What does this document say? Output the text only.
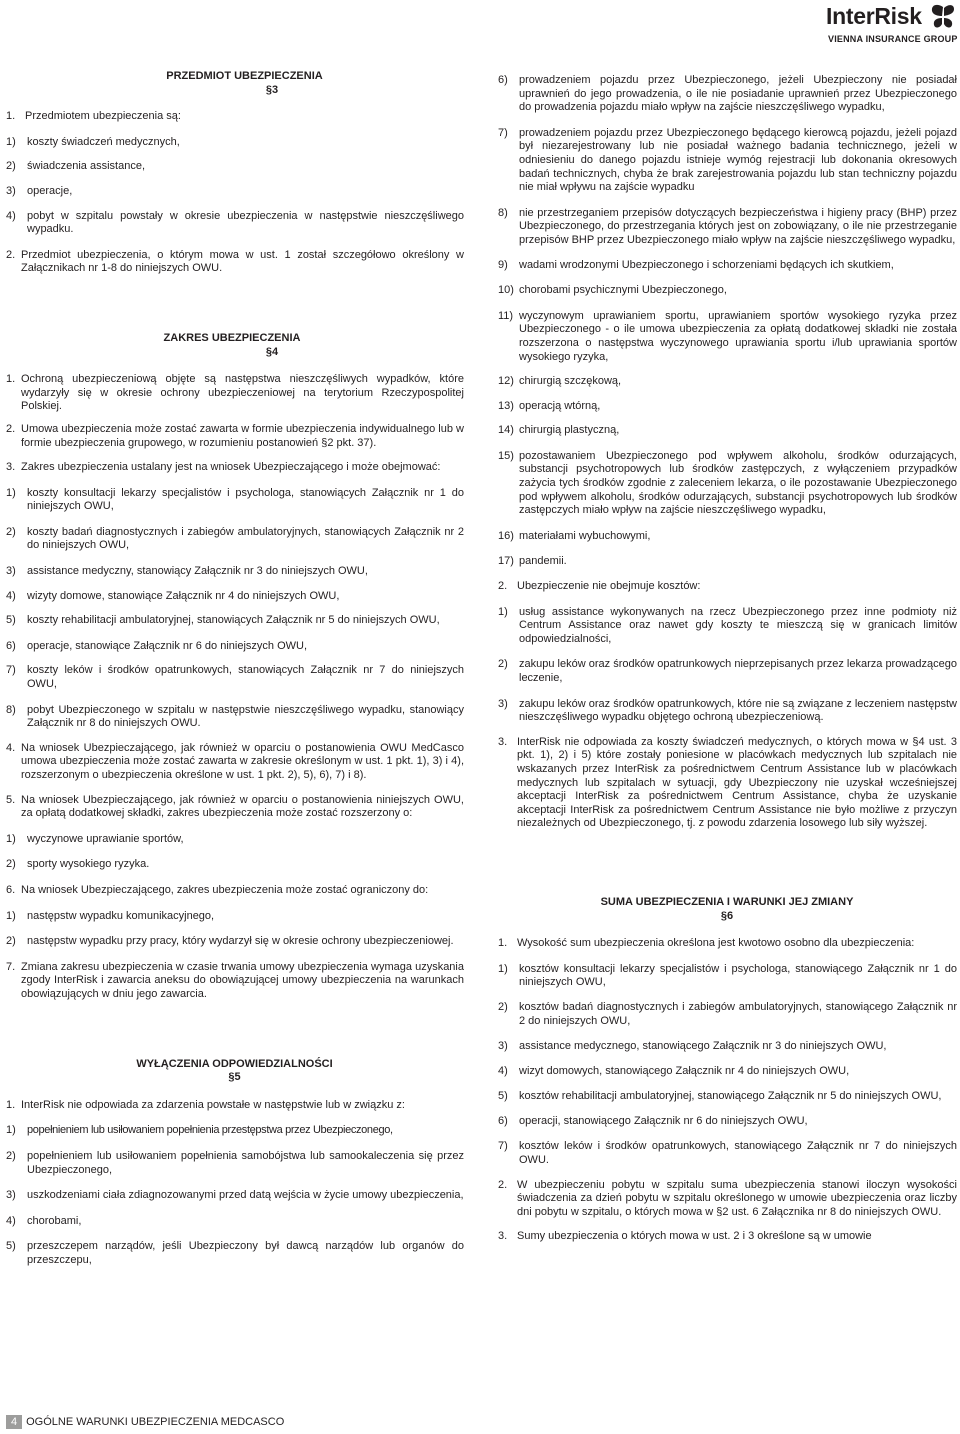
InterRisk
VIENNA INSURANCE GROUP
PRZEDMIOT UBEZPIECZENIA
§3
1. Przedmiotem ubezpieczenia są:
1)	koszty świadczeń medycznych,
2)	świadczenia assistance,
3)	operacje,
4)	pobyt w szpitalu powstały w okresie ubezpieczenia w następstwie nieszczęśliwego wypadku.
2. Przedmiot ubezpieczenia, o którym mowa w ust. 1 został szczegółowo określony w Załącznikach nr 1-8 do niniejszych OWU.
ZAKRES UBEZPIECZENIA
§4
1. Ochroną ubezpieczeniową objęte są następstwa nieszczęśliwych wypadków, które wydarzyły się w okresie ochrony ubezpieczeniowej na terytorium Rzeczypospolitej Polskiej.
2. Umowa ubezpieczenia może zostać zawarta w formie ubezpieczenia indywidualnego lub w formie ubezpieczenia grupowego, w rozumieniu postanowień §2 pkt. 37).
3. Zakres ubezpieczenia ustalany jest na wniosek Ubezpieczającego i może obejmować:
1)	koszty konsultacji lekarzy specjalistów i psychologa, stanowiących Załącznik nr 1 do niniejszych OWU,
2)	koszty badań diagnostycznych i zabiegów ambulatoryjnych, stanowiących Załącznik nr 2 do niniejszych OWU,
3)	assistance medyczny, stanowiący Załącznik nr 3 do niniejszych OWU,
4)	wizyty domowe, stanowiące Załącznik nr 4 do niniejszych OWU,
5)	koszty rehabilitacji ambulatoryjnej, stanowiących Załącznik nr 5 do niniejszych OWU,
6)	operacje, stanowiące Załącznik nr 6 do niniejszych OWU,
7)	koszty leków i środków opatrunkowych, stanowiących Załącznik nr 7 do niniejszych OWU,
8)	pobyt Ubezpieczonego w szpitalu w następstwie nieszczęśliwego wypadku, stanowiący Załącznik nr 8 do niniejszych OWU.
4. Na wniosek Ubezpieczającego, jak również w oparciu o postanowienia OWU MedCasco umowa ubezpieczenia może zostać zawarta w zakresie określonym w ust. 1 pkt. 1), 3) i 4), rozszerzonym o ubezpieczenia określone w ust. 1 pkt. 2), 5), 6), 7) i 8).
5. Na wniosek Ubezpieczającego, jak również w oparciu o postanowienia niniejszych OWU, za opłatą dodatkowej składki, zakres ubezpieczenia może zostać rozszerzony o:
1)	wyczynowe uprawianie sportów,
2)	sporty wysokiego ryzyka.
6. Na wniosek Ubezpieczającego, zakres ubezpieczenia może zostać ograniczony do:
1)	następstw wypadku komunikacyjnego,
2)	następstw wypadku przy pracy, który wydarzył się w okresie ochrony ubezpieczeniowej.
7. Zmiana zakresu ubezpieczenia w czasie trwania umowy ubezpieczenia wymaga uzyskania zgody InterRisk i zawarcia aneksu do obowiązującej umowy ubezpieczenia na warunkach obowiązujących w dniu jego zawarcia.
WYŁĄCZENIA ODPOWIEDZIALNOŚCI
§5
1. InterRisk nie odpowiada za zdarzenia powstałe w następstwie lub w związku z:
1)	popełnieniem lub usiłowaniem popełnienia przestępstwa przez Ubezpieczonego,
2)	popełnieniem lub usiłowaniem popełnienia samobójstwa lub samookaleczenia się przez Ubezpieczonego,
3)	uszkodzeniami ciała zdiagnozowanymi przed datą wejścia w życie umowy ubezpieczenia,
4)	chorobami,
5)	przeszczepem narządów, jeśli Ubezpieczony był dawcą narządów lub organów do przeszczepu,
6)	prowadzeniem pojazdu przez Ubezpieczonego, jeżeli Ubezpieczony nie posiadał uprawnień do jego prowadzenia, o ile nie posiadanie uprawnień przez Ubezpieczonego do prowadzenia pojazdu miało wpływ na zajście nieszczęśliwego wypadku,
7)	prowadzeniem pojazdu przez Ubezpieczonego będącego kierowcą pojazdu, jeżeli pojazd był niezarejestrowany lub nie posiadał ważnego badania technicznego, jeżeli w odniesieniu do danego pojazdu istnieje wymóg rejestracji lub dokonania okresowych badań technicznych, chyba że brak zarejestrowania pojazdu lub stan techniczny pojazdu nie miał wpływu na zajście wypadku
8)	nie przestrzeganiem przepisów dotyczących bezpieczeństwa i higieny pracy (BHP) przez Ubezpieczonego, do przestrzegania których jest on zobowiązany, o ile nie przestrzeganie przepisów BHP przez Ubezpieczonego miało wpływ na zajście nieszczęśliwego wypadku,
9)	wadami wrodzonymi Ubezpieczonego i schorzeniami będących ich skutkiem,
10) chorobami psychicznymi Ubezpieczonego,
11) wyczynowym uprawianiem sportu, uprawianiem sportów wysokiego ryzyka przez Ubezpieczonego - o ile umowa ubezpieczenia za opłatą dodatkowej składki nie została rozszerzona o następstwa wyczynowego uprawiania sportu i/lub uprawiania sportów wysokiego ryzyka,
12) chirurgią szczękową,
13) operacją wtórną,
14) chirurgią plastyczną,
15) pozostawaniem Ubezpieczonego pod wpływem alkoholu, środków odurzających, substancji psychotropowych lub środków zastępczych, z wyłączeniem przypadków zażycia tych środków zgodnie z zaleceniem lekarza, o ile pozostawanie Ubezpieczonego pod wpływem alkoholu, środków odurzających, substancji psychotropowych lub środków zastępczych miało wpływ na zajście nieszczęśliwego wypadku,
16) materiałami wybuchowymi,
17) pandemii.
2. Ubezpieczenie nie obejmuje kosztów:
1)	usług assistance wykonywanych na rzecz Ubezpieczonego przez inne podmioty niż Centrum Assistance oraz nawet gdy koszty te mieszczą się w granicach limitów odpowiedzialności,
2)	zakupu leków oraz środków opatrunkowych nieprzepisanych przez lekarza prowadzącego leczenie,
3)	zakupu leków oraz środków opatrunkowych, które nie są związane z leczeniem następstw nieszczęśliwego wypadku objętego ochroną ubezpieczeniową.
3. InterRisk nie odpowiada za koszty świadczeń medycznych, o których mowa w §4 ust. 3 pkt. 1), 2) i 5) które zostały poniesione w placówkach medycznych lub szpitalach nie wskazanych przez InterRisk za pośrednictwem Centrum Assistance lub w placówkach medycznych lub szpitalach w sytuacji, gdy Ubezpieczony nie uzyskał wcześniejszej akceptacji InterRisk za pośrednictwem Centrum Assistance, chyba że uzyskanie akceptacji InterRisk za pośrednictwem Centrum Assistance nie było możliwe z przyczyn niezależnych od Ubezpieczonego, tj. z powodu zdarzenia losowego lub siły wyższej.
SUMA UBEZPIECZENIA I WARUNKI JEJ ZMIANY
§6
1. Wysokość sum ubezpieczenia określona jest kwotowo osobno dla ubezpieczenia:
1)	kosztów konsultacji lekarzy specjalistów i psychologa, stanowiącego Załącznik nr 1 do niniejszych OWU,
2)	kosztów badań diagnostycznych i zabiegów ambulatoryjnych, stanowiącego Załącznik nr 2 do niniejszych OWU,
3)	assistance medycznego, stanowiącego Załącznik nr 3 do niniejszych OWU,
4)	wizyt domowych, stanowiącego Załącznik nr 4 do niniejszych OWU,
5)	kosztów rehabilitacji ambulatoryjnej, stanowiącego Załącznik nr 5 do niniejszych OWU,
6)	operacji, stanowiącego Załącznik nr 6 do niniejszych OWU,
7)	kosztów leków i środków opatrunkowych, stanowiącego Załącznik nr 7 do niniejszych OWU.
2. W ubezpieczeniu pobytu w szpitalu suma ubezpieczenia stanowi iloczyn wysokości świadczenia za dzień pobytu w szpitalu określonego w umowie ubezpieczenia oraz liczby dni pobytu w szpitalu, o których mowa w §2 ust. 6 Załącznika nr 8 do niniejszych OWU.
3. Sumy ubezpieczenia o których mowa w ust. 2 i 3 określone są w umowie
4 OGÓLNE WARUNKI UBEZPIECZENIA MEDCASCO
